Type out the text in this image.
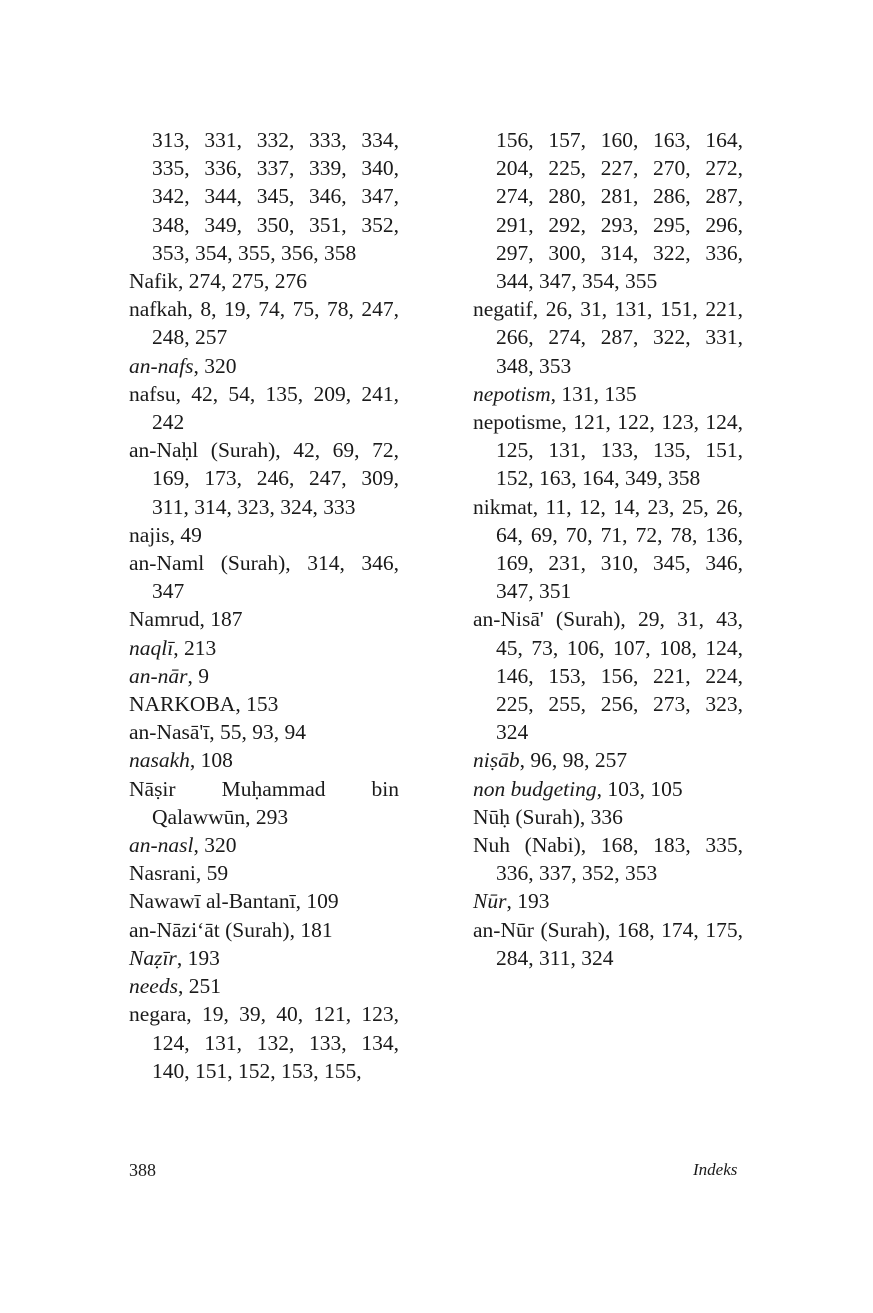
313, 331, 332, 333, 334, 335, 336, 337, 339, 340, 342, 344, 345, 346, 347, 348, 349, 350, 351, 352, 353, 354, 355, 356, 358
Nafik, 274, 275, 276
nafkah, 8, 19, 74, 75, 78, 247, 248, 257
an-nafs, 320
nafsu, 42, 54, 135, 209, 241, 242
an-Naḥl (Surah), 42, 69, 72, 169, 173, 246, 247, 309, 311, 314, 323, 324, 333
najis, 49
an-Naml (Surah), 314, 346, 347
Namrud, 187
naqlī, 213
an-nār, 9
NARKOBA, 153
an-Nasā'ī, 55, 93, 94
nasakh, 108
Nāṣir Muḥammad bin Qalawwūn, 293
an-nasl, 320
Nasrani, 59
Nawawī al-Bantanī, 109
an-Nāzi‘āt (Surah), 181
Naẓīr, 193
needs, 251
negara, 19, 39, 40, 121, 123, 124, 131, 132, 133, 134, 140, 151, 152, 153, 155,
156, 157, 160, 163, 164, 204, 225, 227, 270, 272, 274, 280, 281, 286, 287, 291, 292, 293, 295, 296, 297, 300, 314, 322, 336, 344, 347, 354, 355
negatif, 26, 31, 131, 151, 221, 266, 274, 287, 322, 331, 348, 353
nepotism, 131, 135
nepotisme, 121, 122, 123, 124, 125, 131, 133, 135, 151, 152, 163, 164, 349, 358
nikmat, 11, 12, 14, 23, 25, 26, 64, 69, 70, 71, 72, 78, 136, 169, 231, 310, 345, 346, 347, 351
an-Nisā' (Surah), 29, 31, 43, 45, 73, 106, 107, 108, 124, 146, 153, 156, 221, 224, 225, 255, 256, 273, 323, 324
niṣāb, 96, 98, 257
non budgeting, 103, 105
Nūḥ (Surah), 336
Nuh (Nabi), 168, 183, 335, 336, 337, 352, 353
Nūr, 193
an-Nūr (Surah), 168, 174, 175, 284, 311, 324
388	Indeks
